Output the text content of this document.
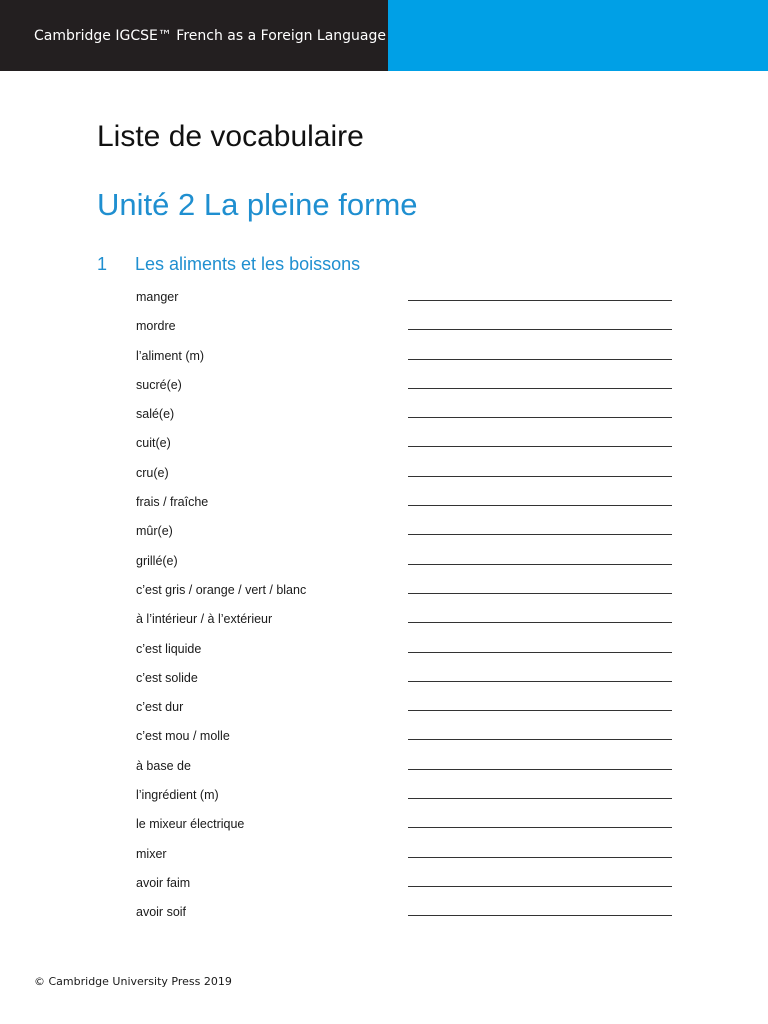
Cambridge IGCSE™ French as a Foreign Language
Liste de vocabulaire
Unité 2 La pleine forme
1 Les aliments et les boissons
manger
mordre
l’aliment (m)
sucré(e)
salé(e)
cuit(e)
cru(e)
frais / fraîche
mûr(e)
grillé(e)
c’est gris / orange / vert / blanc
à l’intérieur / à l’extérieur
c’est liquide
c’est solide
c’est dur
c’est mou / molle
à base de
l’ingrédient (m)
le mixeur électrique
mixer
avoir faim
avoir soif
© Cambridge University Press 2019
